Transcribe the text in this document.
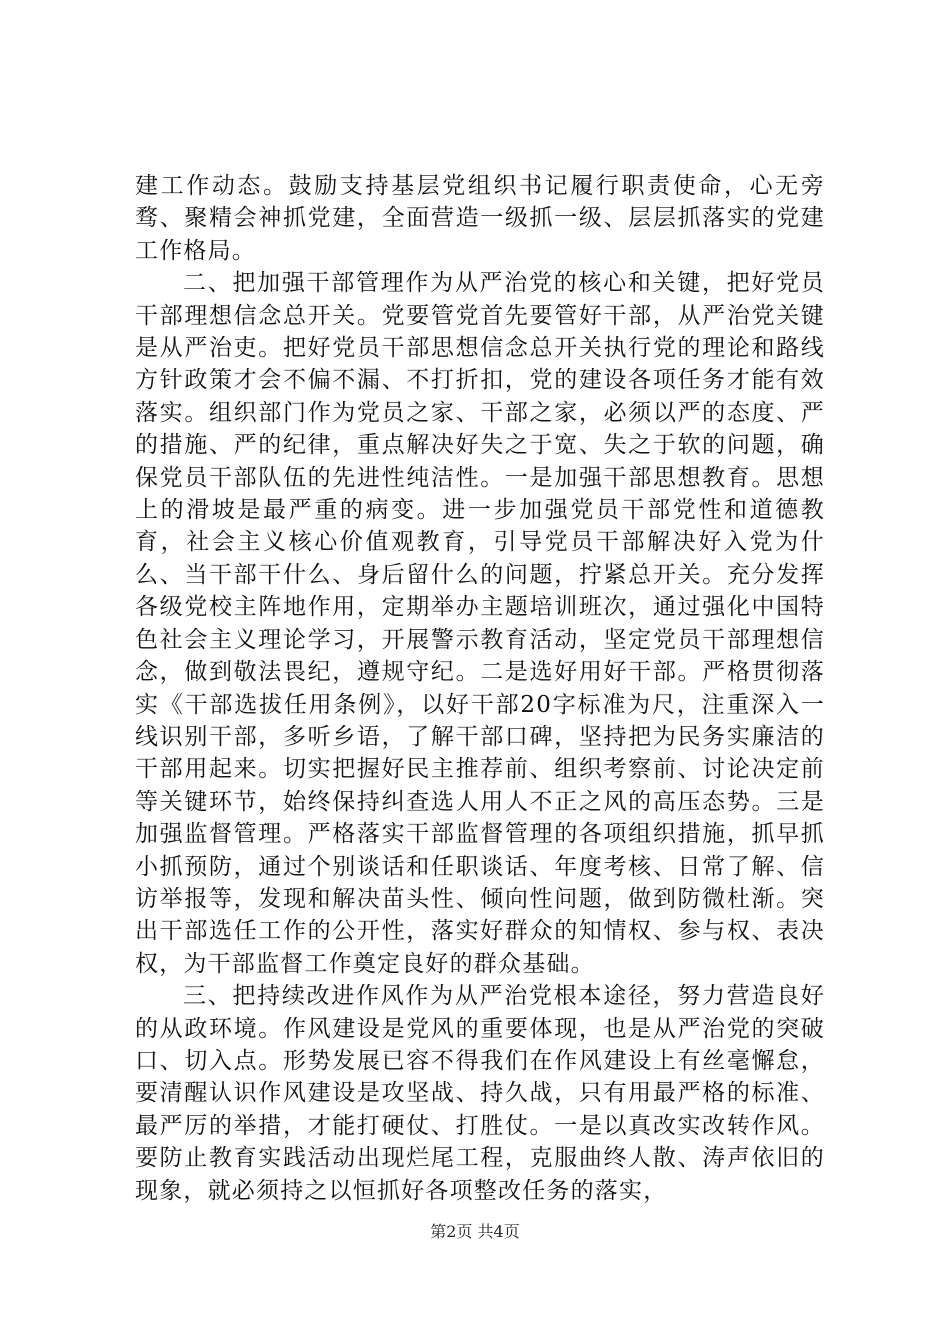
建工作动态。鼓励支持基层党组织书记履行职责使命，心无旁骛、聚精会神抓党建，全面营造一级抓一级、层层抓落实的党建工作格局。

二、把加强干部管理作为从严治党的核心和关键，把好党员干部理想信念总开关。党要管党首先要管好干部，从严治党关键是从严治吏。把好党员干部思想信念总开关执行党的理论和路线方针政策才会不偏不漏、不打折扣，党的建设各项任务才能有效落实。组织部门作为党员之家、干部之家，必须以严的态度、严的措施、严的纪律，重点解决好失之于宽、失之于软的问题，确保党员干部队伍的先进性纯洁性。一是加强干部思想教育。思想上的滑坡是最严重的病变。进一步加强党员干部党性和道德教育，社会主义核心价值观教育，引导党员干部解决好入党为什么、当干部干什么、身后留什么的问题，拧紧总开关。充分发挥各级党校主阵地作用，定期举办主题培训班次，通过强化中国特色社会主义理论学习，开展警示教育活动，坚定党员干部理想信念，做到敬法畏纪，遵规守纪。二是选好用好干部。严格贯彻落实《干部选拔任用条例》，以好干部20字标准为尺，注重深入一线识别干部，多听乡语，了解干部口碑，坚持把为民务实廉洁的干部用起来。切实把握好民主推荐前、组织考察前、讨论决定前等关键环节，始终保持纠查选人用人不正之风的高压态势。三是加强监督管理。严格落实干部监督管理的各项组织措施，抓早抓小抓预防，通过个别谈话和任职谈话、年度考核、日常了解、信访举报等，发现和解决苗头性、倾向性问题，做到防微杜渐。突出干部选任工作的公开性，落实好群众的知情权、参与权、表决权，为干部监督工作奠定良好的群众基础。

三、把持续改进作风作为从严治党根本途径，努力营造良好的从政环境。作风建设是党风的重要体现，也是从严治党的突破口、切入点。形势发展已容不得我们在作风建设上有丝毫懈怠，要清醒认识作风建设是攻坚战、持久战，只有用最严格的标准、最严厉的举措，才能打硬仗、打胜仗。一是以真改实改转作风。要防止教育实践活动出现烂尾工程，克服曲终人散、涛声依旧的现象，就必须持之以恒抓好各项整改任务的落实，

第2页 共4页
